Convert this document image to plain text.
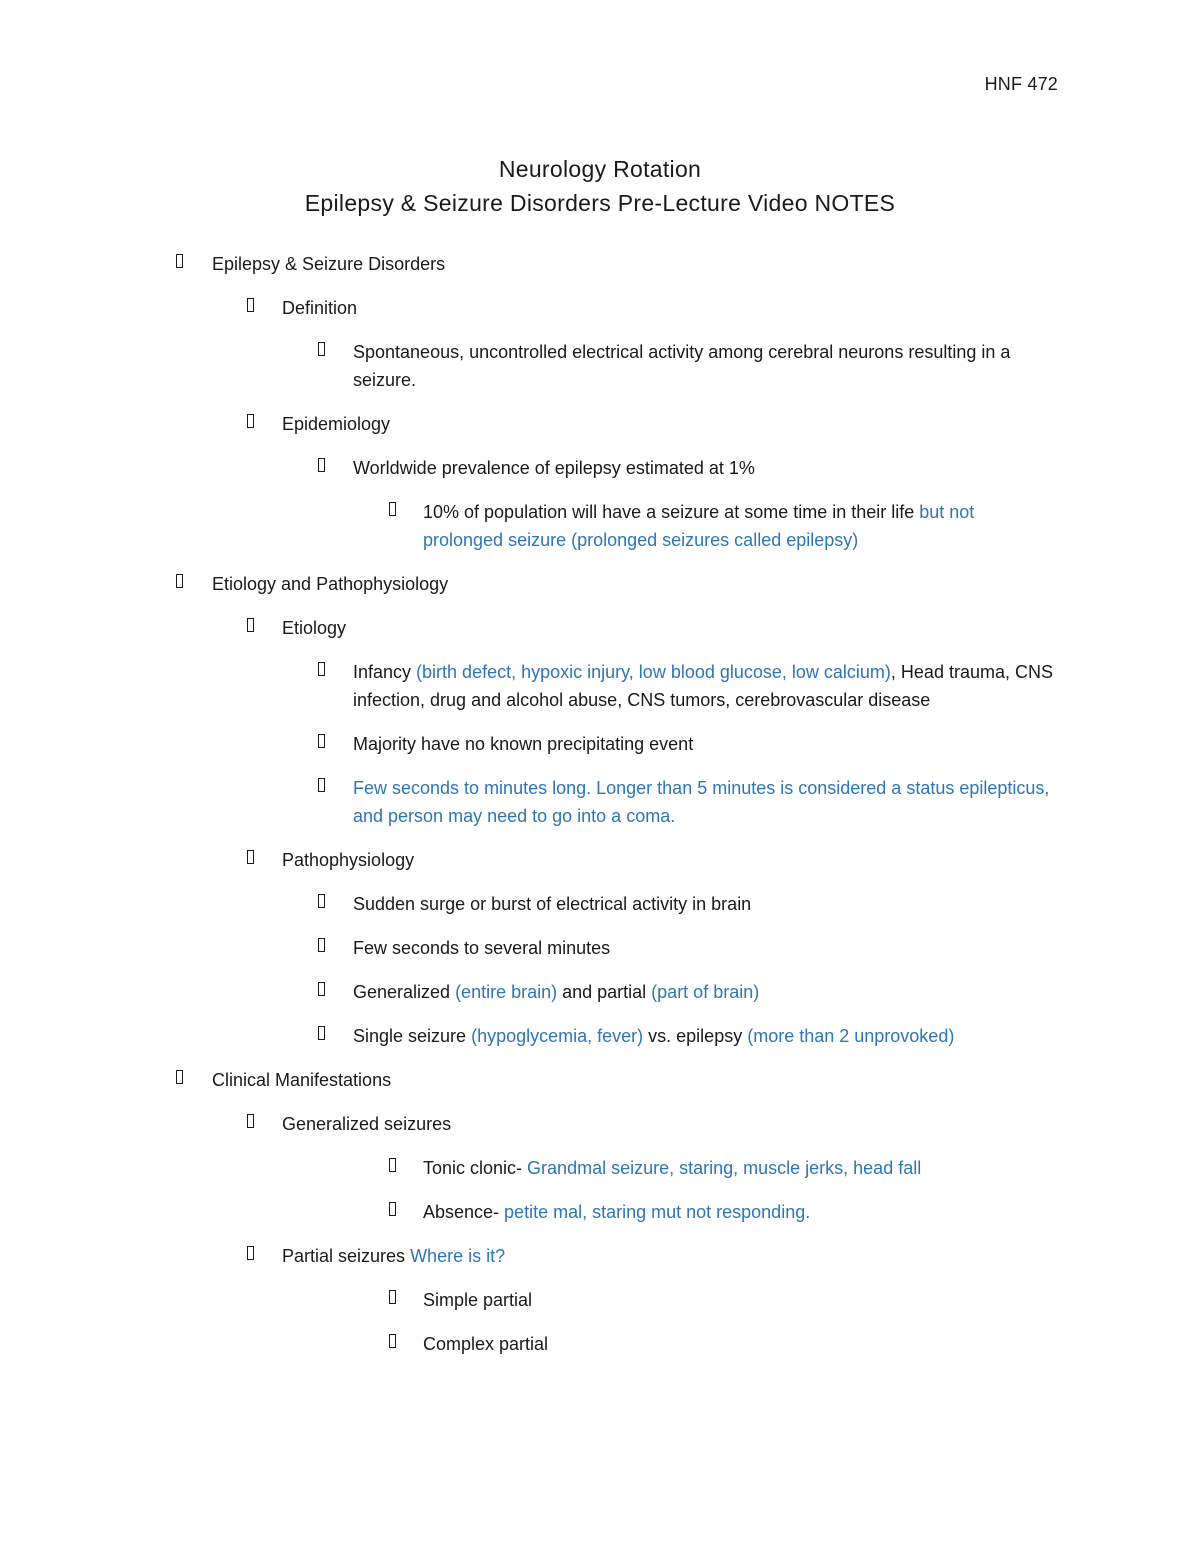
HNF 472
Neurology Rotation
Epilepsy & Seizure Disorders Pre-Lecture Video NOTES
Epilepsy & Seizure Disorders
Definition
Spontaneous, uncontrolled electrical activity among cerebral neurons resulting in a seizure.
Epidemiology
Worldwide prevalence of epilepsy estimated at 1%
10% of population will have a seizure at some time in their life but not prolonged seizure (prolonged seizures called epilepsy)
Etiology and Pathophysiology
Etiology
Infancy (birth defect, hypoxic injury, low blood glucose, low calcium), Head trauma, CNS infection, drug and alcohol abuse, CNS tumors, cerebrovascular disease
Majority have no known precipitating event
Few seconds to minutes long. Longer than 5 minutes is considered a status epilepticus, and person may need to go into a coma.
Pathophysiology
Sudden surge or burst of electrical activity in brain
Few seconds to several minutes
Generalized (entire brain) and partial (part of brain)
Single seizure (hypoglycemia, fever) vs. epilepsy (more than 2 unprovoked)
Clinical Manifestations
Generalized seizures
Tonic clonic- Grandmal seizure, staring, muscle jerks, head fall
Absence- petite mal, staring mut not responding.
Partial seizures Where is it?
Simple partial
Complex partial
